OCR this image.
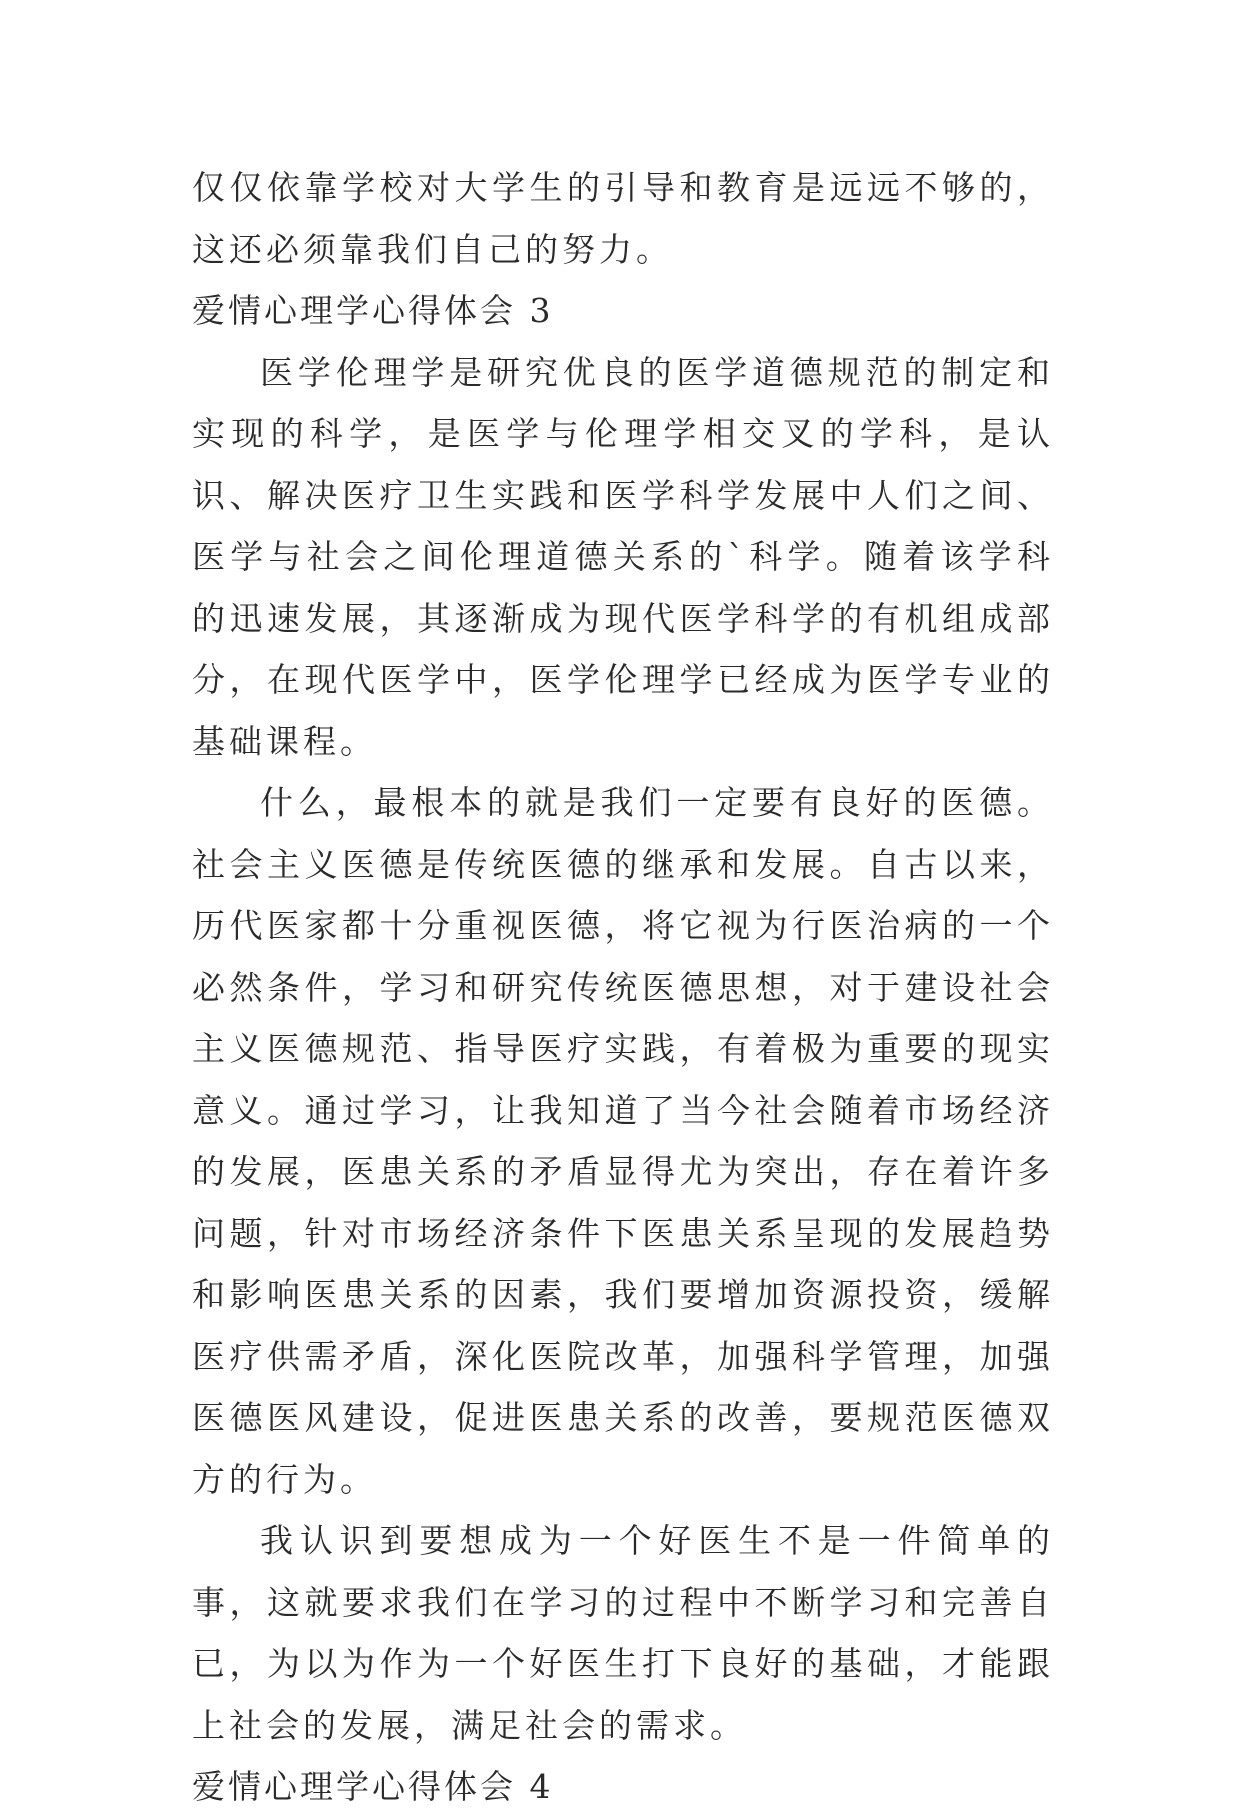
仅仅依靠学校对大学生的引导和教育是远远不够的，这还必须靠我们自己的努力。

爱情心理学心得体会 3

医学伦理学是研究优良的医学道德规范的制定和实现的科学，是医学与伦理学相交叉的学科，是认识、解决医疗卫生实践和医学科学发展中人们之间、医学与社会之间伦理道德关系的`科学。随着该学科的迅速发展，其逐渐成为现代医学科学的有机组成部分，在现代医学中，医学伦理学已经成为医学专业的基础课程。

什么，最根本的就是我们一定要有良好的医德。社会主义医德是传统医德的继承和发展。自古以来，历代医家都十分重视医德，将它视为行医治病的一个必然条件，学习和研究传统医德思想，对于建设社会主义医德规范、指导医疗实践，有着极为重要的现实意义。通过学习，让我知道了当今社会随着市场经济的发展，医患关系的矛盾显得尤为突出，存在着许多问题，针对市场经济条件下医患关系呈现的发展趋势和影响医患关系的因素，我们要增加资源投资，缓解医疗供需矛盾，深化医院改革，加强科学管理，加强医德医风建设，促进医患关系的改善，要规范医德双方的行为。

我认识到要想成为一个好医生不是一件简单的事，这就要求我们在学习的过程中不断学习和完善自已，为以为作为一个好医生打下良好的基础，才能跟上社会的发展，满足社会的需求。

爱情心理学心得体会 4
